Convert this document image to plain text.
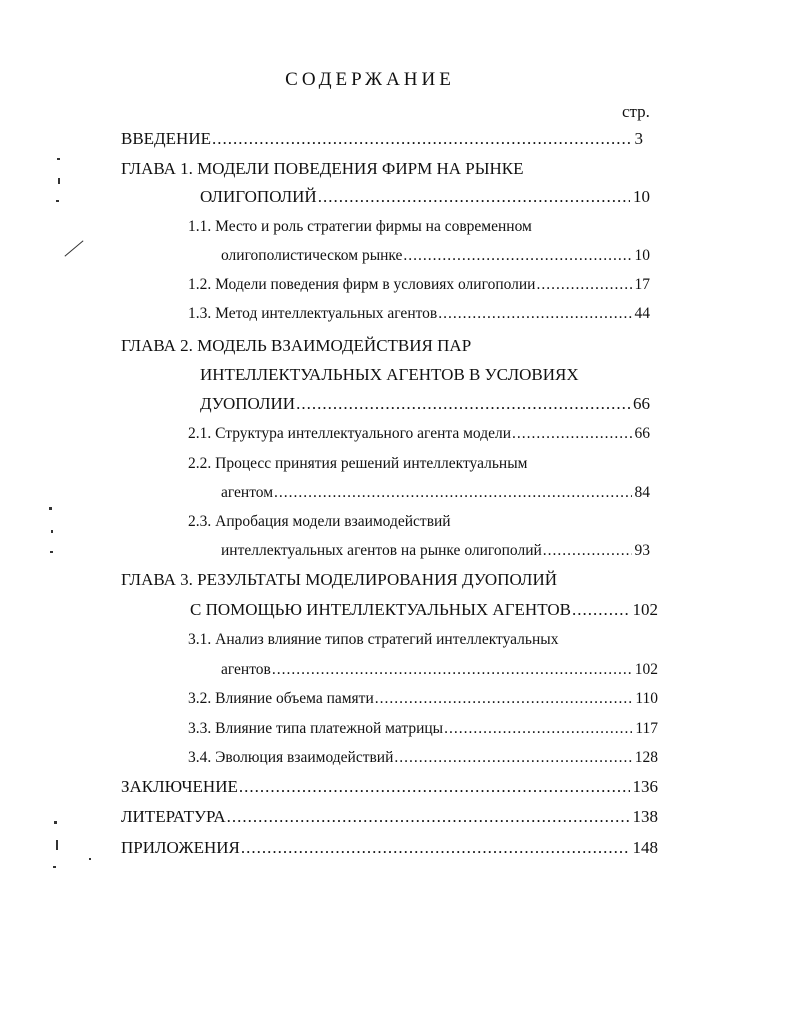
СОДЕРЖАНИЕ
стр.
ВВЕДЕНИЕ .....	3
ГЛАВА 1. МОДЕЛИ ПОВЕДЕНИЯ ФИРМ НА РЫНКЕ
ОЛИГОПОЛИЙ .....	10
1.1. Место и роль стратегии фирмы на современном
олигополистическом рынке .....	10
1.2. Модели поведения фирм в условиях олигополии .....	17
1.3. Метод интеллектуальных агентов .....	44
ГЛАВА 2. МОДЕЛЬ ВЗАИМОДЕЙСТВИЯ ПАР
ИНТЕЛЛЕКТУАЛЬНЫХ АГЕНТОВ В УСЛОВИЯХ
ДУОПОЛИИ .....	66
2.1. Структура интеллектуального агента модели .....	66
2.2. Процесс принятия решений интеллектуальным
агентом .....	84
2.3. Апробация модели взаимодействий
интеллектуальных агентов на рынке олигополий .....	93
ГЛАВА 3. РЕЗУЛЬТАТЫ МОДЕЛИРОВАНИЯ ДУОПОЛИЙ
С ПОМОЩЬЮ ИНТЕЛЛЕКТУАЛЬНЫХ АГЕНТОВ .....	102
3.1. Анализ влияние типов стратегий интеллектуальных
агентов .....	102
3.2. Влияние объема памяти .....	110
3.3. Влияние типа платежной матрицы .....	117
3.4. Эволюция взаимодействий .....	128
ЗАКЛЮЧЕНИЕ .....	136
ЛИТЕРАТУРА .....	138
ПРИЛОЖЕНИЯ .....	148
